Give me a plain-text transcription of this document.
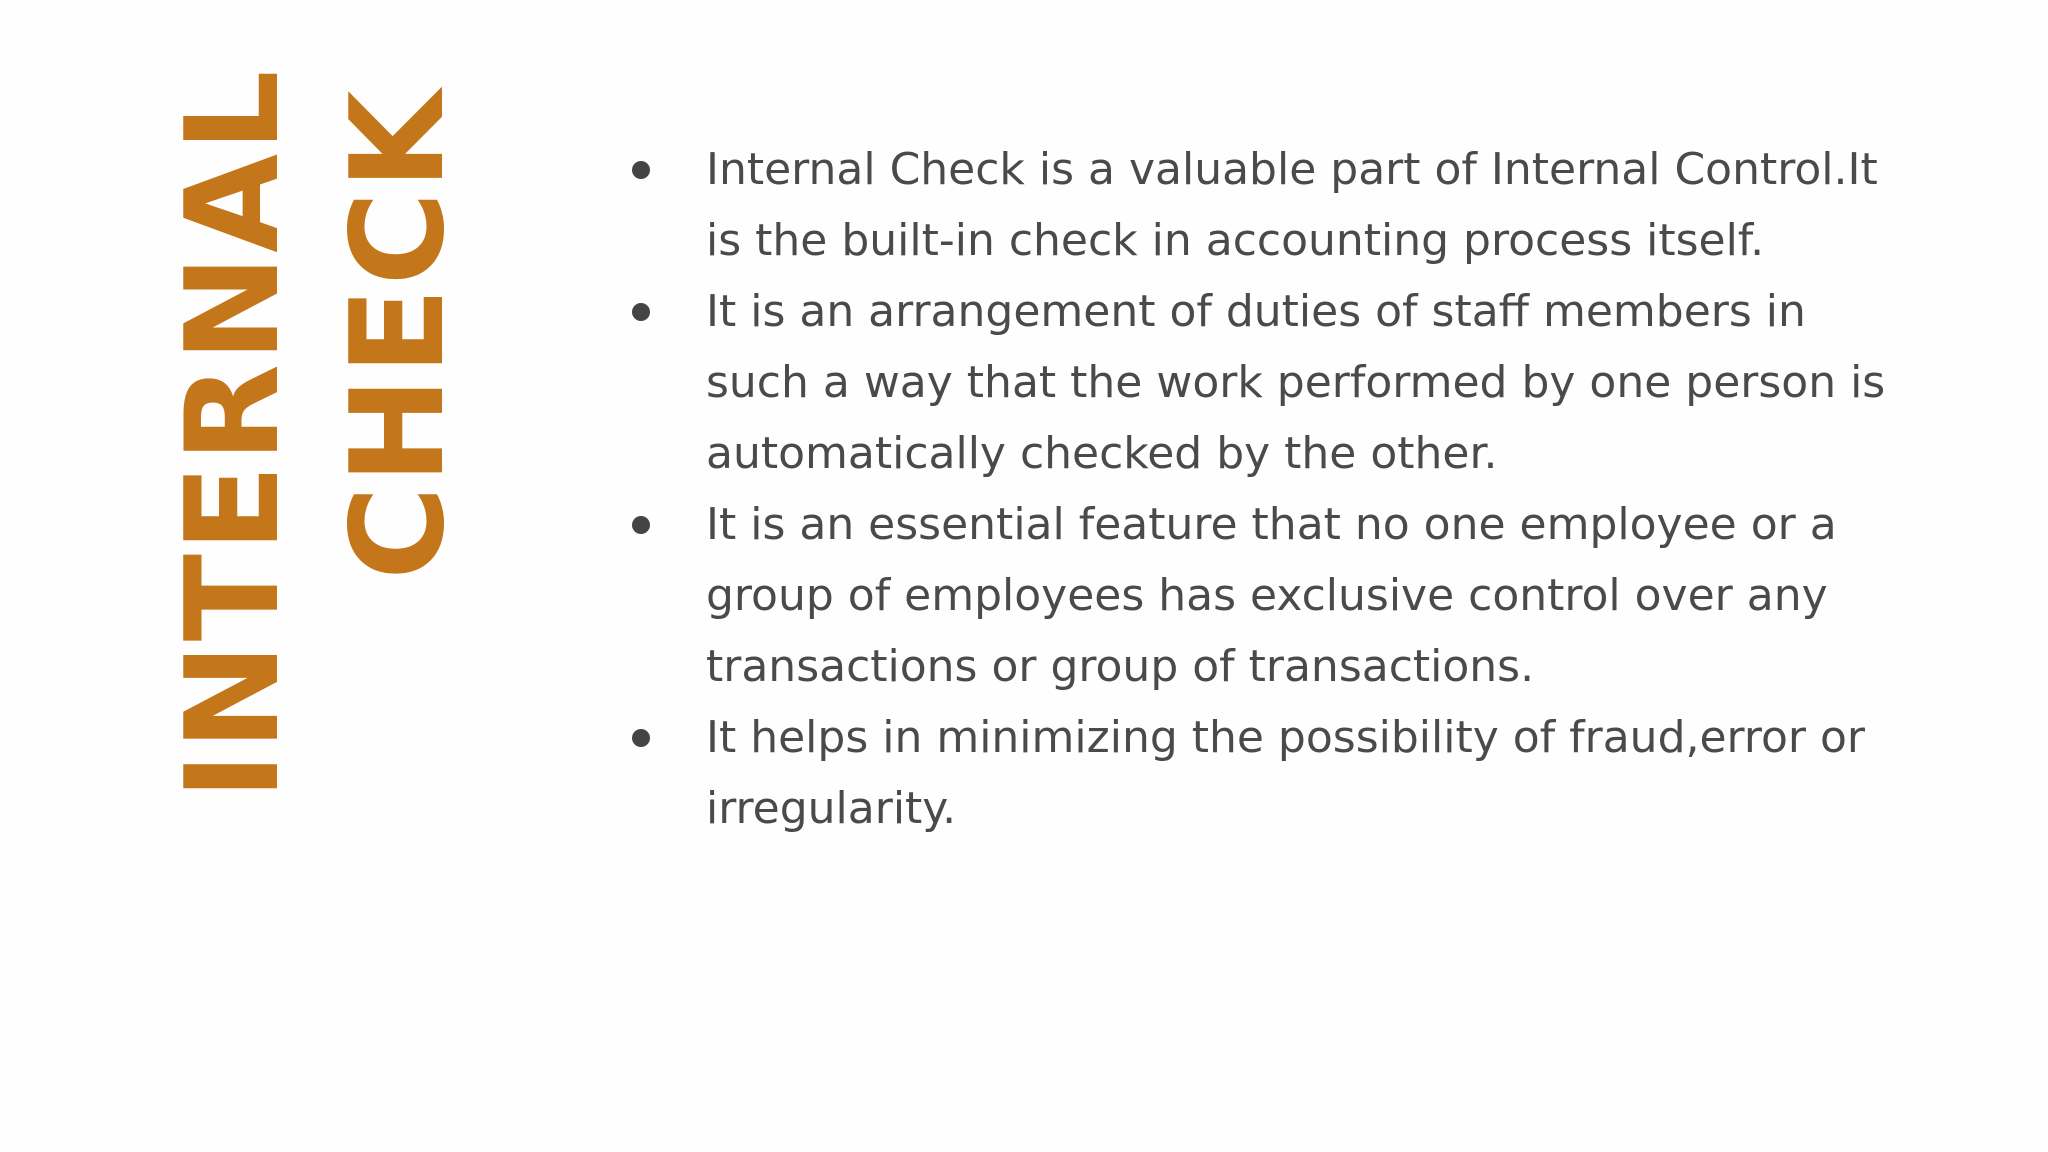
INTERNAL CHECK	Internal Check is a valuable part of Internal Control.It is the built-in check in accounting process itself.
It is an arrangement of duties of staff members in such a way that the work performed by one person is automatically checked by the other.
It is an essential feature that no one employee or a group of employees has exclusive control over any transactions or group of transactions.
It helps in minimizing the possibility of fraud,error or irregularity.
